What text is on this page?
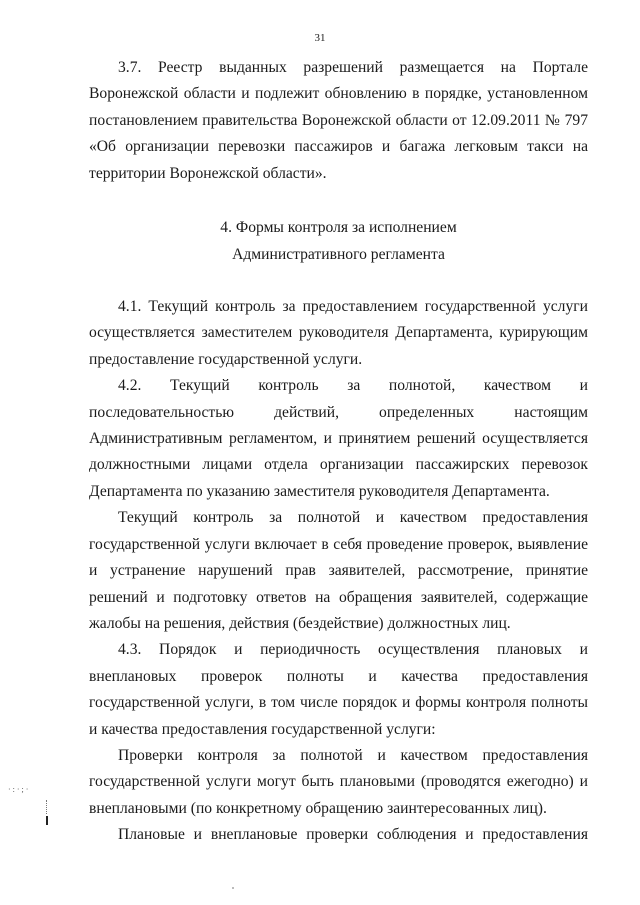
31

3.7. Реестр выданных разрешений размещается на Портале Воронежской области и подлежит обновлению в порядке, установленном постановлением правительства Воронежской области от 12.09.2011 № 797 «Об организации перевозки пассажиров и багажа легковым такси на территории Воронежской области».

4. Формы контроля за исполнением
Административного регламента

4.1. Текущий контроль за предоставлением государственной услуги осуществляется заместителем руководителя Департамента, курирующим предоставление государственной услуги.

4.2. Текущий контроль за полнотой, качеством и последовательностью действий, определенных настоящим Административным регламентом, и принятием решений осуществляется должностными лицами отдела организации пассажирских перевозок Департамента по указанию заместителя руководителя Департамента.

Текущий контроль за полнотой и качеством предоставления государственной услуги включает в себя проведение проверок, выявление и устранение нарушений прав заявителей, рассмотрение, принятие решений и подготовку ответов на обращения заявителей, содержащие жалобы на решения, действия (бездействие) должностных лиц.

4.3. Порядок и периодичность осуществления плановых и внеплановых проверок полноты и качества предоставления государственной услуги, в том числе порядок и формы контроля полноты и качества предоставления государственной услуги:

Проверки контроля за полнотой и качеством предоставления государственной услуги могут быть плановыми (проводятся ежегодно) и внеплановыми (по конкретному обращению заинтересованных лиц).

Плановые и внеплановые проверки соблюдения и предоставления

·:·;·
